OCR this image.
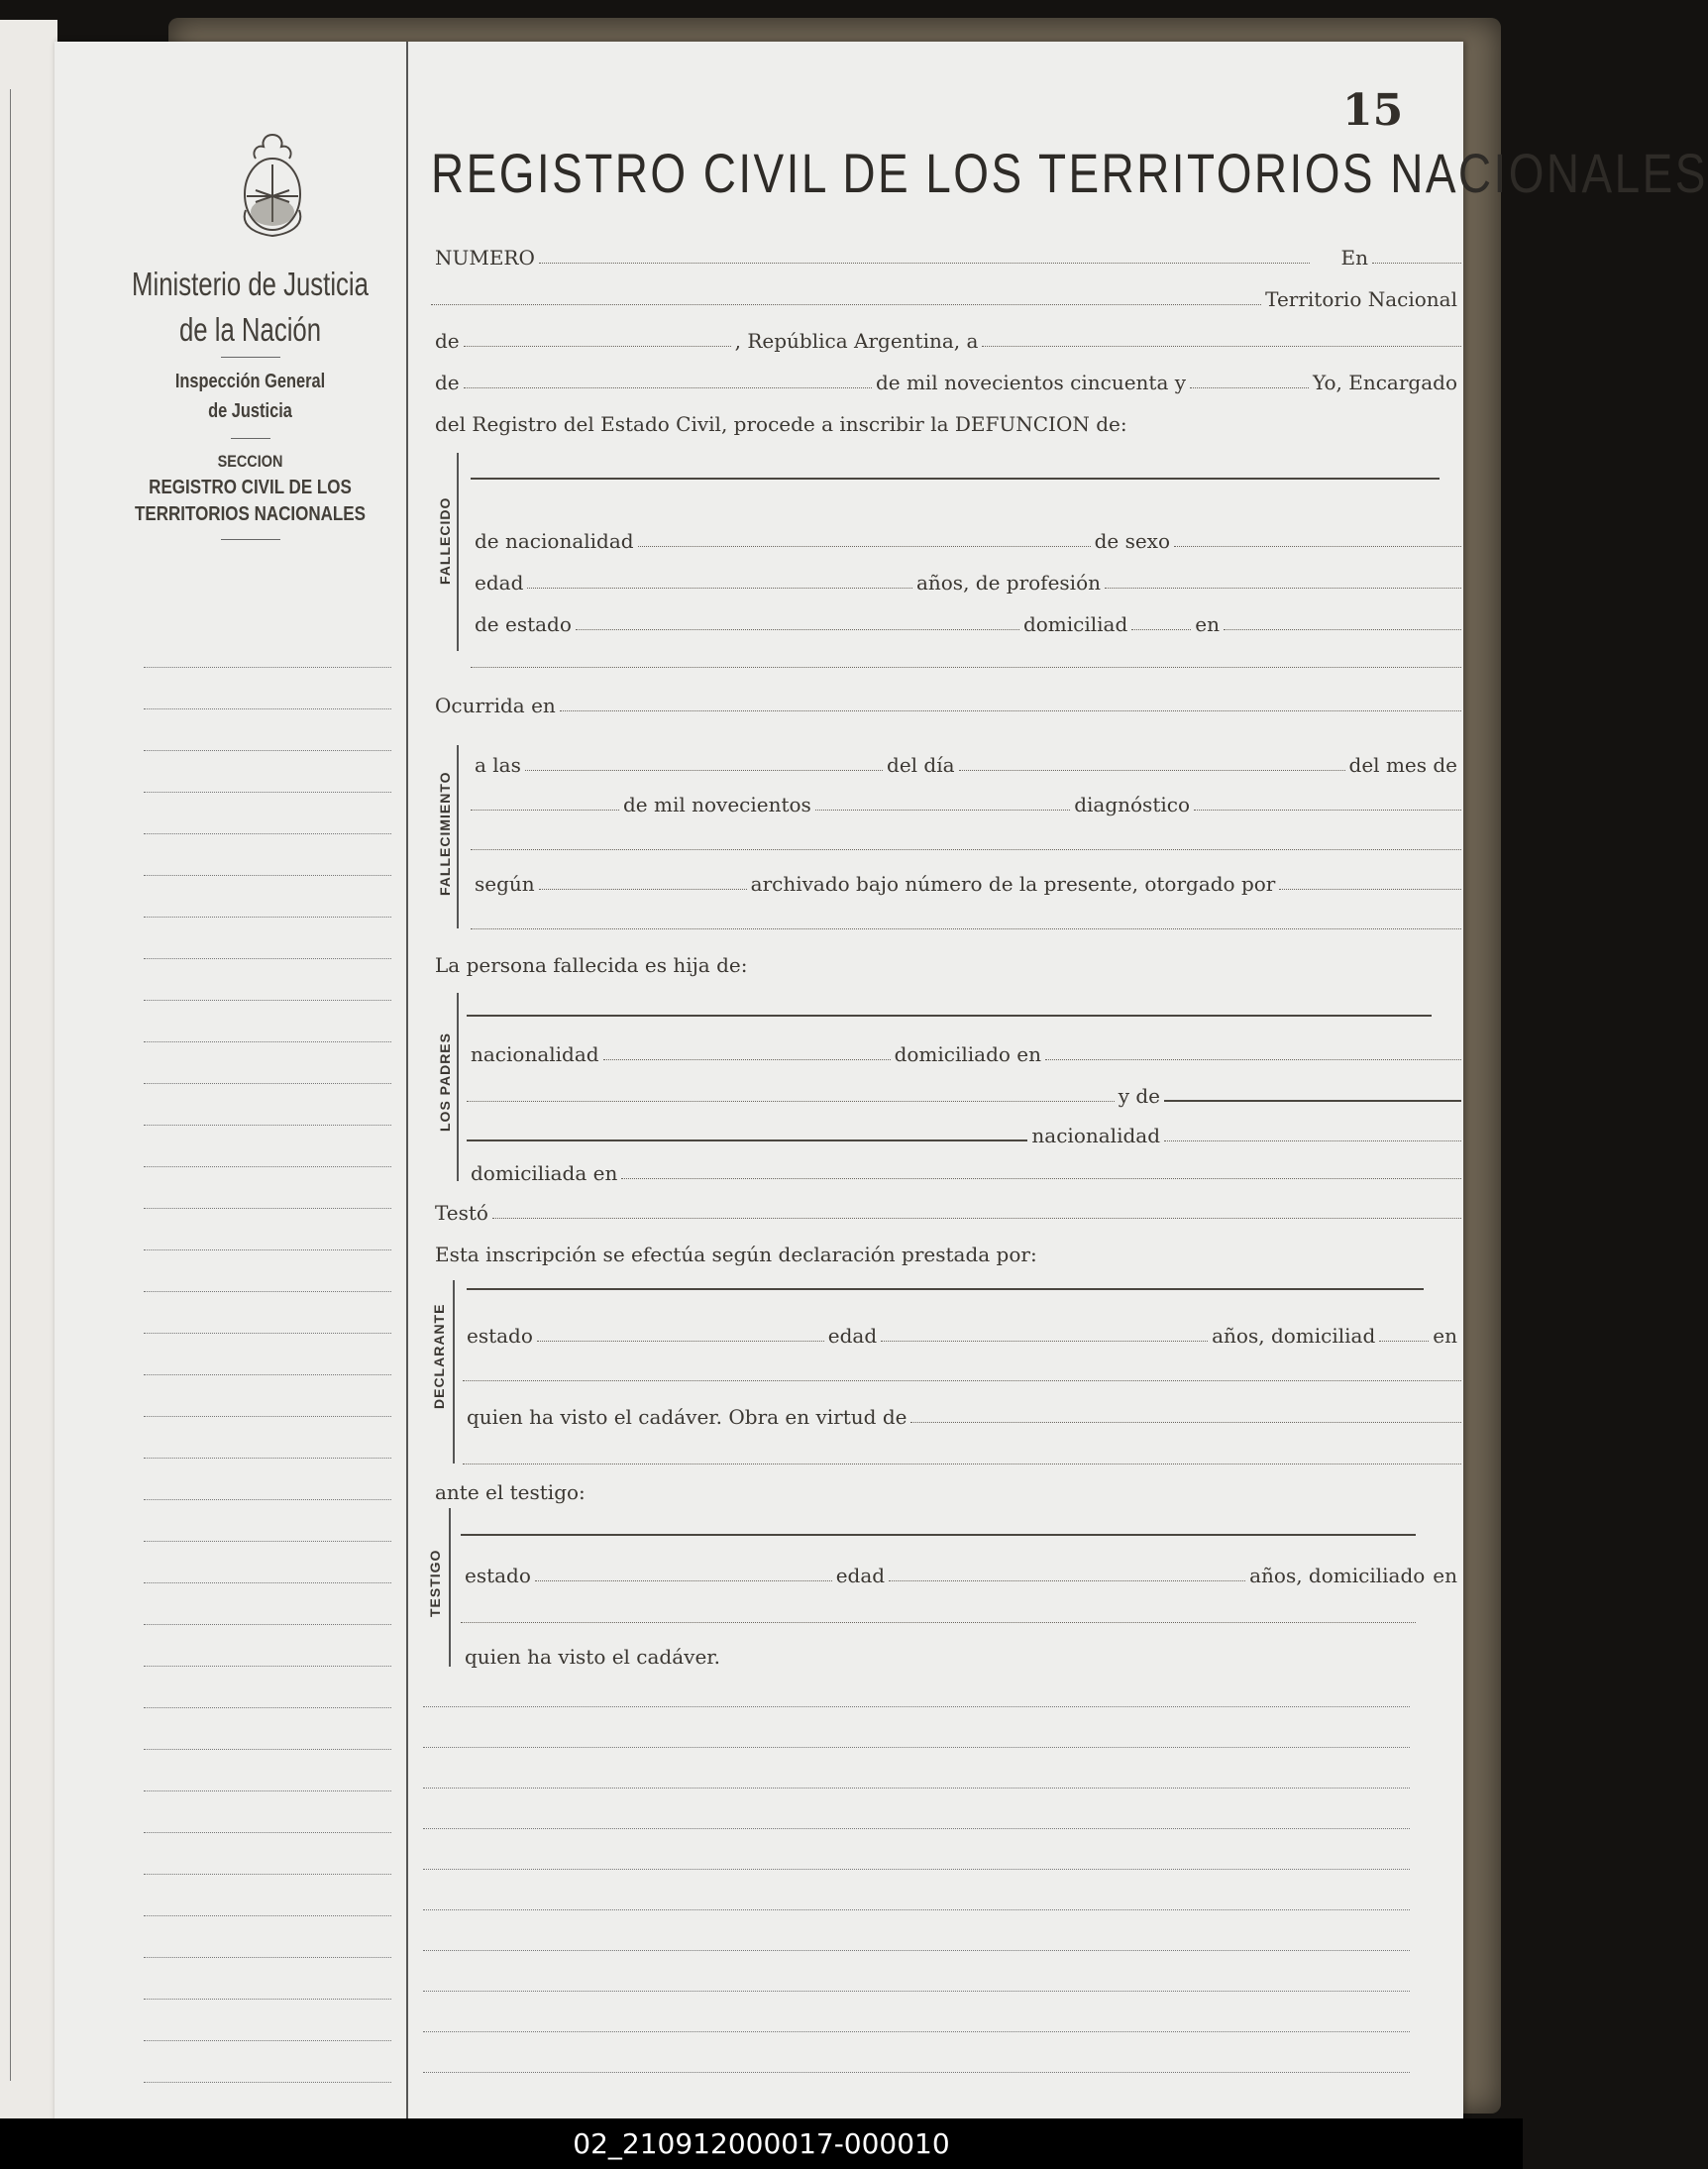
Ministerio de Justicia
de la Nación
Inspección General
de Justicia
SECCION
REGISTRO CIVIL DE LOS
TERRITORIOS NACIONALES
15
REGISTRO CIVIL DE LOS TERRITORIOS NACIONALES
NUMERO	En
Territorio Nacional
de	, República Argentina, a
de	de mil novecientos cincuenta y	Yo, Encargado
del Registro del Estado Civil, procede a inscribir la DEFUNCION de:
FALLECIDO de nacionalidad	de sexo
edad	años, de profesión
de estado	domiciliad	en
Ocurrida en
FALLECIMIENTO
a las	del día	del mes de
de mil novecientos	diagnóstico
según	archivado bajo número de la presente, otorgado por
La persona fallecida es hija de:
LOS PADRES nacionalidad	domiciliado en
y de
nacionalidad
domiciliada en
Testó
Esta inscripción se efectúa según declaración prestada por:
DECLARANTE estado	edad	años, domiciliad	en
quien ha visto el cadáver. Obra en virtud de
ante el testigo:
TESTIGO estado	edad	años, domiciliado en
quien ha visto el cadáver.
02_210912000017-000010
